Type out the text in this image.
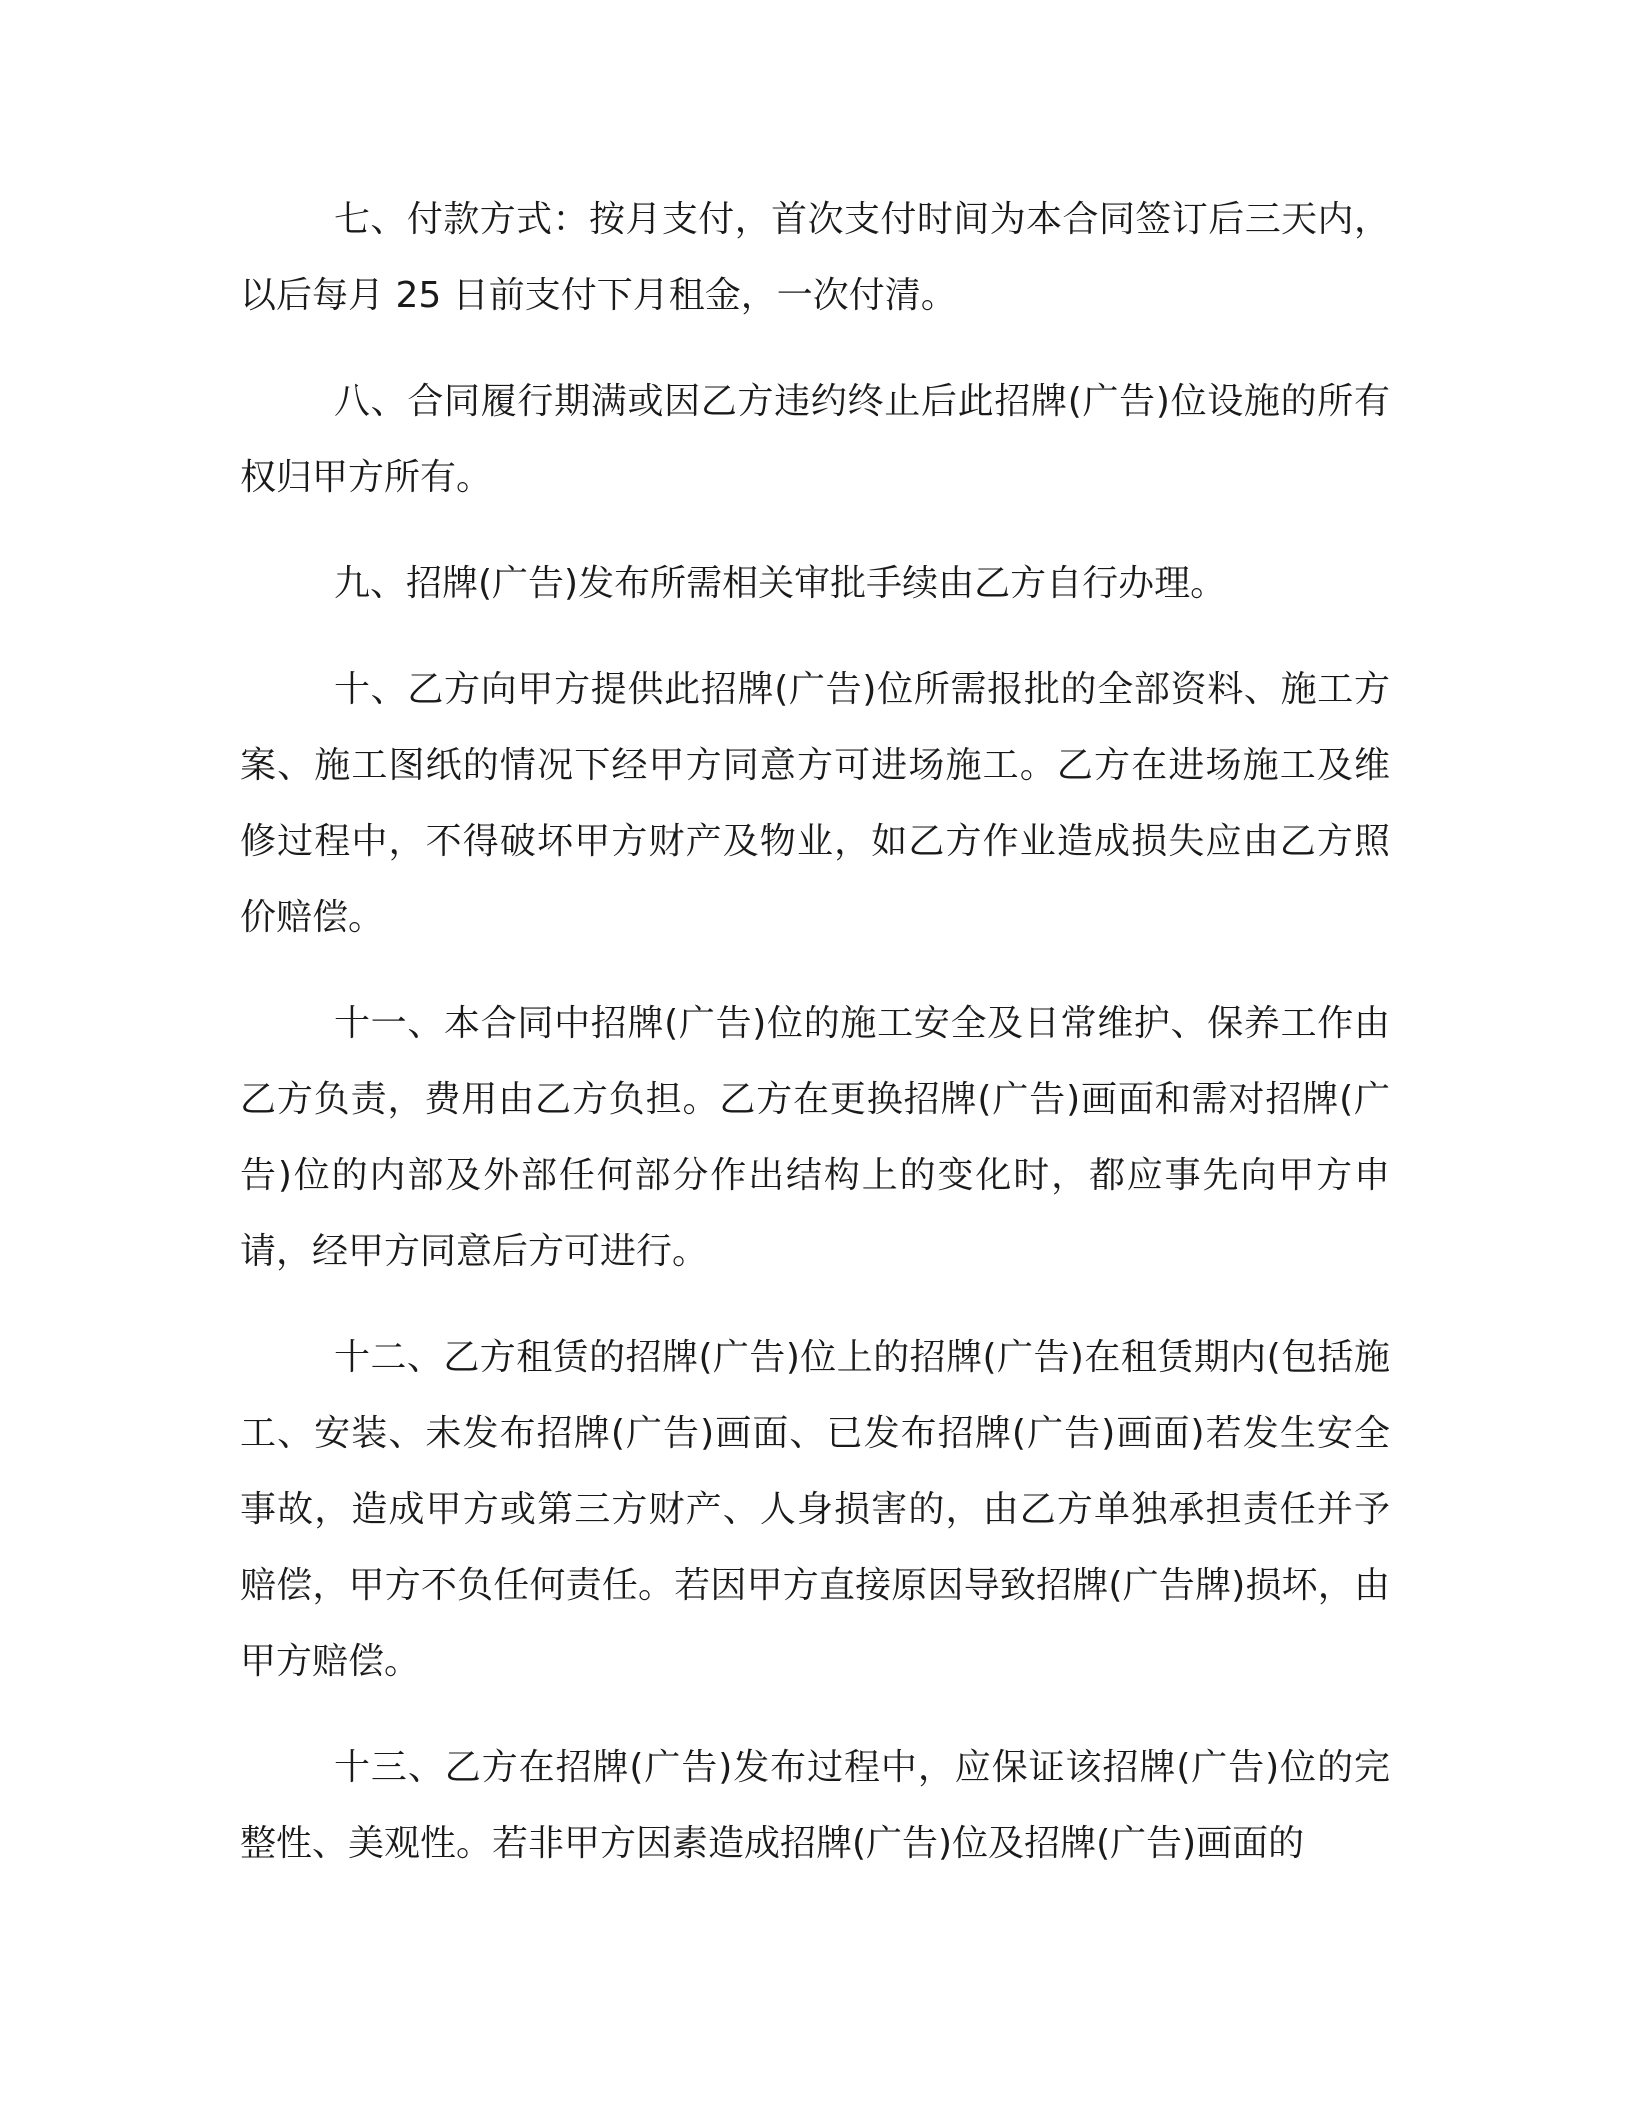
七、付款方式：按月支付，首次支付时间为本合同签订后三天内，以后每月 25 日前支付下月租金，一次付清。

八、合同履行期满或因乙方违约终止后此招牌(广告)位设施的所有权归甲方所有。

九、招牌(广告)发布所需相关审批手续由乙方自行办理。

十、乙方向甲方提供此招牌(广告)位所需报批的全部资料、施工方案、施工图纸的情况下经甲方同意方可进场施工。乙方在进场施工及维修过程中，不得破坏甲方财产及物业，如乙方作业造成损失应由乙方照价赔偿。

十一、本合同中招牌(广告)位的施工安全及日常维护、保养工作由乙方负责，费用由乙方负担。乙方在更换招牌(广告)画面和需对招牌(广告)位的内部及外部任何部分作出结构上的变化时，都应事先向甲方申请，经甲方同意后方可进行。

十二、乙方租赁的招牌(广告)位上的招牌(广告)在租赁期内(包括施工、安装、未发布招牌(广告)画面、已发布招牌(广告)画面)若发生安全事故，造成甲方或第三方财产、人身损害的，由乙方单独承担责任并予赔偿，甲方不负任何责任。若因甲方直接原因导致招牌(广告牌)损坏，由甲方赔偿。

十三、乙方在招牌(广告)发布过程中，应保证该招牌(广告)位的完整性、美观性。若非甲方因素造成招牌(广告)位及招牌(广告)画面的
